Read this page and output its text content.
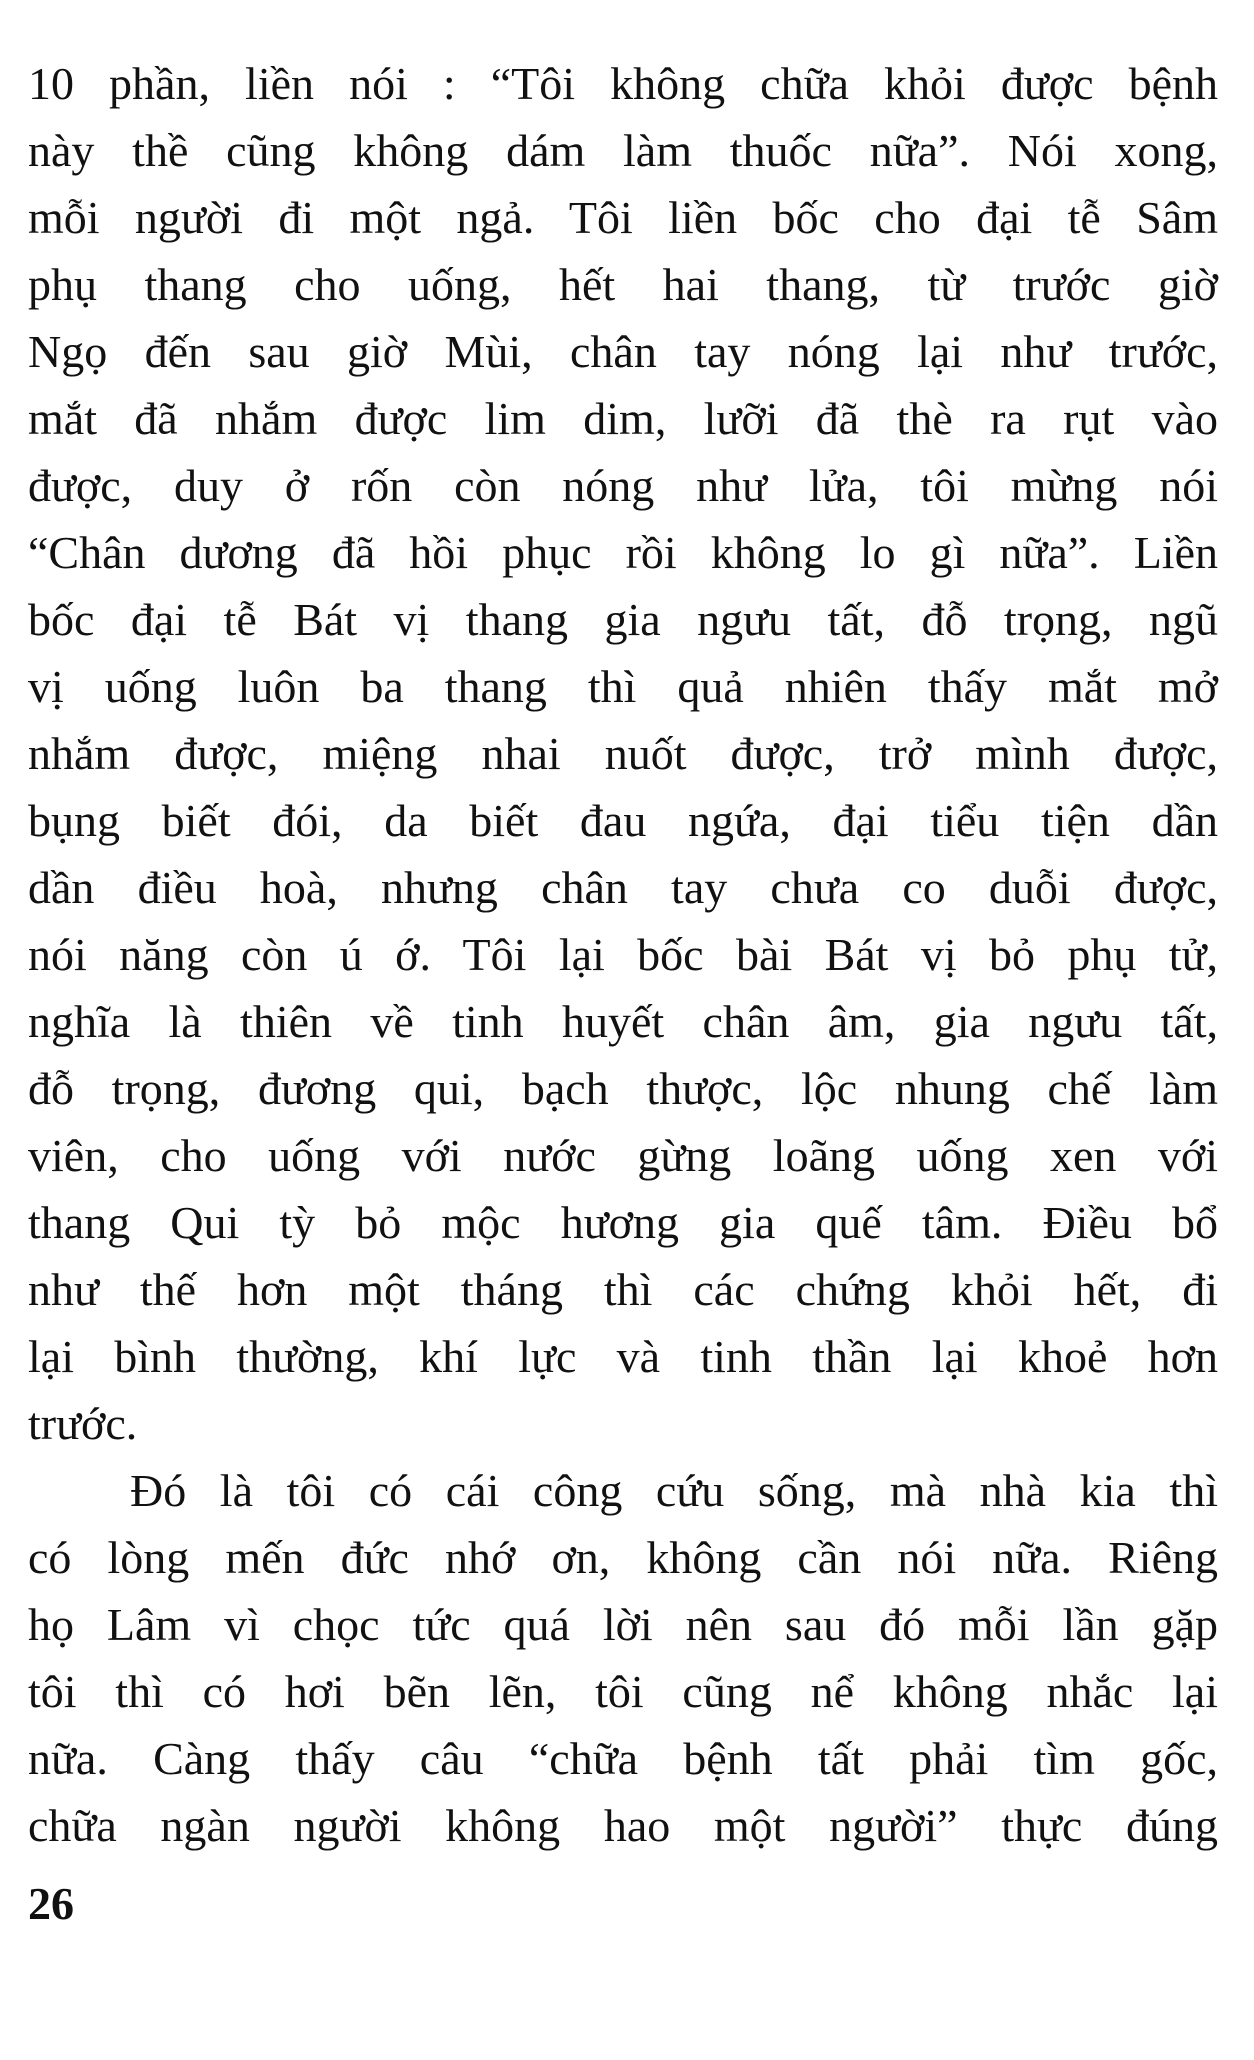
10 phần, liền nói : “Tôi không chữa khỏi được bệnh
này thề cũng không dám làm thuốc nữa”. Nói xong,
mỗi người đi một ngả. Tôi liền bốc cho đại tễ Sâm
phụ thang cho uống, hết hai thang, từ trước giờ
Ngọ đến sau giờ Mùi, chân tay nóng lại như trước,
mắt đã nhắm được lim dim, lưỡi đã thè ra rụt vào
được, duy ở rốn còn nóng như lửa, tôi mừng nói
“Chân dương đã hồi phục rồi không lo gì nữa”. Liền
bốc đại tễ Bát vị thang gia ngưu tất, đỗ trọng, ngũ
vị uống luôn ba thang thì quả nhiên thấy mắt mở
nhắm được, miệng nhai nuốt được, trở mình được,
bụng biết đói, da biết đau ngứa, đại tiểu tiện dần
dần điều hoà, nhưng chân tay chưa co duỗi được,
nói năng còn ú ớ. Tôi lại bốc bài Bát vị bỏ phụ tử,
nghĩa là thiên về tinh huyết chân âm, gia ngưu tất,
đỗ trọng, đương qui, bạch thược, lộc nhung chế làm
viên, cho uống với nước gừng loãng uống xen với
thang Qui tỳ bỏ mộc hương gia quế tâm. Điều bổ
như thế hơn một tháng thì các chứng khỏi hết, đi
lại bình thường, khí lực và tinh thần lại khoẻ hơn
trước.
Đó là tôi có cái công cứu sống, mà nhà kia thì
có lòng mến đức nhớ ơn, không cần nói nữa. Riêng
họ Lâm vì chọc tức quá lời nên sau đó mỗi lần gặp
tôi thì có hơi bẽn lẽn, tôi cũng nể không nhắc lại
nữa. Càng thấy câu “chữa bệnh tất phải tìm gốc,
chữa ngàn người không hao một người” thực đúng
26
